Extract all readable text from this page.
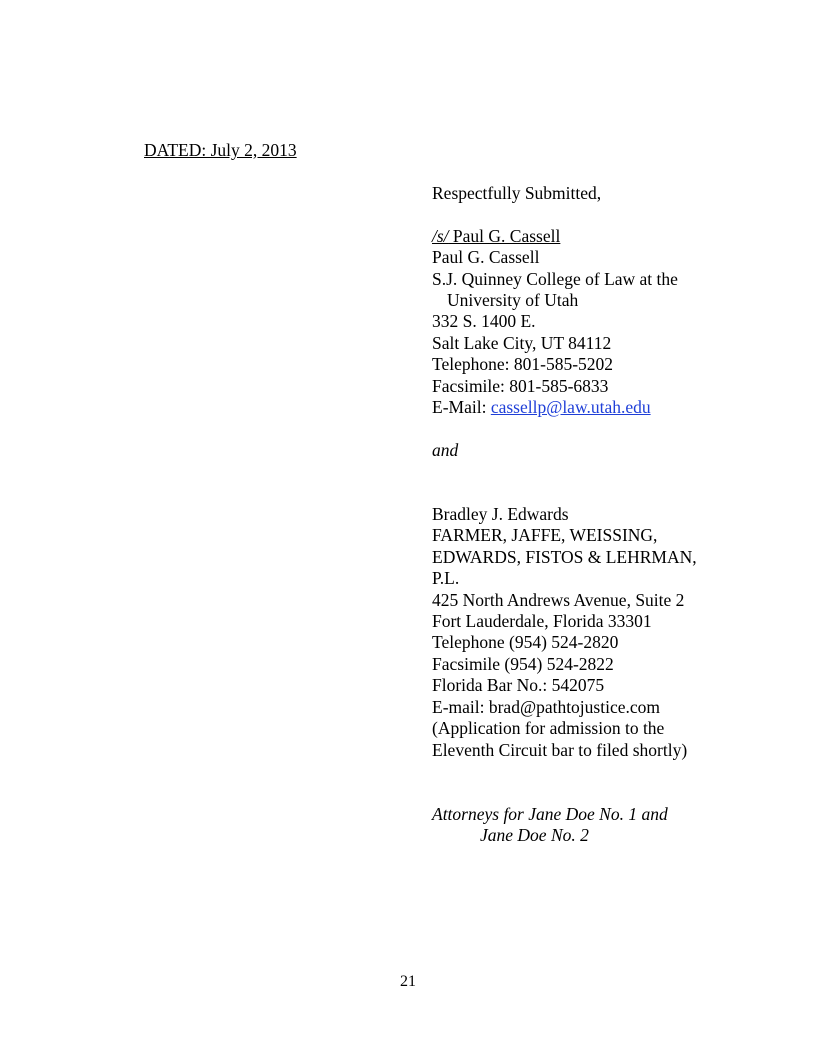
DATED: July 2, 2013
Respectfully Submitted,
/s/ Paul G. Cassell
Paul G. Cassell
S.J. Quinney College of Law at the
University of Utah
332 S. 1400 E.
Salt Lake City, UT 84112
Telephone: 801-585-5202
Facsimile: 801-585-6833
E-Mail: cassellp@law.utah.edu
and
Bradley J. Edwards
FARMER, JAFFE, WEISSING,
EDWARDS, FISTOS & LEHRMAN,
P.L.
425 North Andrews Avenue, Suite 2
Fort Lauderdale, Florida 33301
Telephone (954) 524-2820
Facsimile (954) 524-2822
Florida Bar No.: 542075
E-mail: brad@pathtojustice.com
(Application for admission to the
Eleventh Circuit bar to filed shortly)
Attorneys for Jane Doe No. 1 and
Jane Doe No. 2
21
